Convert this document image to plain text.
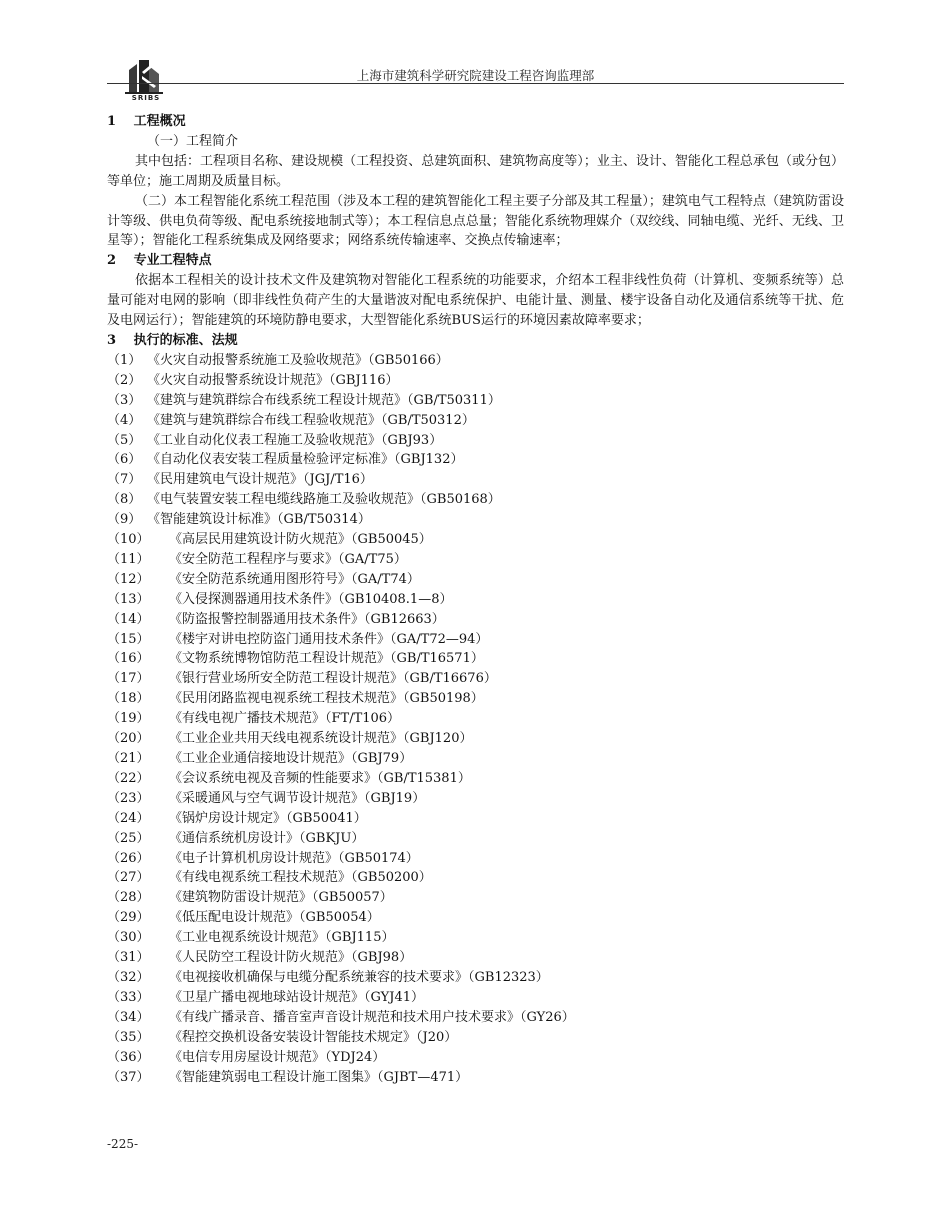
SRIBS
上海市建筑科学研究院建设工程咨询监理部
1　 工程概况
（一）工程简介
其中包括：工程项目名称、建设规模（工程投资、总建筑面积、建筑物高度等）；业主、设计、智能化工程总承包（或分包）等单位；施工周期及质量目标。
（二）本工程智能化系统工程范围（涉及本工程的建筑智能化工程主要子分部及其工程量）；建筑电气工程特点（建筑防雷设计等级、供电负荷等级、配电系统接地制式等）；本工程信息点总量；智能化系统物理媒介（双绞线、同轴电缆、光纤、无线、卫星等）；智能化工程系统集成及网络要求；网络系统传输速率、交换点传输速率；
2　 专业工程特点
依据本工程相关的设计技术文件及建筑物对智能化工程系统的功能要求，介绍本工程非线性负荷（计算机、变频系统等）总量可能对电网的影响（即非线性负荷产生的大量谐波对配电系统保护、电能计量、测量、楼宇设备自动化及通信系统等干扰、危及电网运行）；智能建筑的环境防静电要求，大型智能化系统BUS运行的环境因素故障率要求；
3　 执行的标准、法规
（1） 《火灾自动报警系统施工及验收规范》（GB50166）
（2） 《火灾自动报警系统设计规范》（GBJ116）
（3） 《建筑与建筑群综合布线系统工程设计规范》（GB/T50311）
（4） 《建筑与建筑群综合布线工程验收规范》（GB/T50312）
（5） 《工业自动化仪表工程施工及验收规范》（GBJ93）
（6） 《自动化仪表安装工程质量检验评定标准》（GBJ132）
（7） 《民用建筑电气设计规范》（JGJ/T16）
（8） 《电气装置安装工程电缆线路施工及验收规范》（GB50168）
（9） 《智能建筑设计标准》（GB/T50314）
（10） 《高层民用建筑设计防火规范》（GB50045）
（11） 《安全防范工程程序与要求》（GA/T75）
（12） 《安全防范系统通用图形符号》（GA/T74）
（13） 《入侵探测器通用技术条件》（GB10408.1—8）
（14） 《防盗报警控制器通用技术条件》（GB12663）
（15） 《楼宇对讲电控防盗门通用技术条件》（GA/T72—94）
（16） 《文物系统博物馆防范工程设计规范》（GB/T16571）
（17） 《银行营业场所安全防范工程设计规范》（GB/T16676）
（18） 《民用闭路监视电视系统工程技术规范》（GB50198）
（19） 《有线电视广播技术规范》（FT/T106）
（20） 《工业企业共用天线电视系统设计规范》（GBJ120）
（21） 《工业企业通信接地设计规范》（GBJ79）
（22） 《会议系统电视及音频的性能要求》（GB/T15381）
（23） 《采暖通风与空气调节设计规范》（GBJ19）
（24） 《锅炉房设计规定》（GB50041）
（25） 《通信系统机房设计》（GBKJU）
（26） 《电子计算机机房设计规范》（GB50174）
（27） 《有线电视系统工程技术规范》（GB50200）
（28） 《建筑物防雷设计规范》（GB50057）
（29） 《低压配电设计规范》（GB50054）
（30） 《工业电视系统设计规范》（GBJ115）
（31） 《人民防空工程设计防火规范》（GBJ98）
（32） 《电视接收机确保与电缆分配系统兼容的技术要求》（GB12323）
（33） 《卫星广播电视地球站设计规范》（GYJ41）
（34） 《有线广播录音、播音室声音设计规范和技术用户技术要求》（GY26）
（35） 《程控交换机设备安装设计智能技术规定》（J20）
（36） 《电信专用房屋设计规范》（YDJ24）
（37） 《智能建筑弱电工程设计施工图集》（GJBT—471）
-225-
